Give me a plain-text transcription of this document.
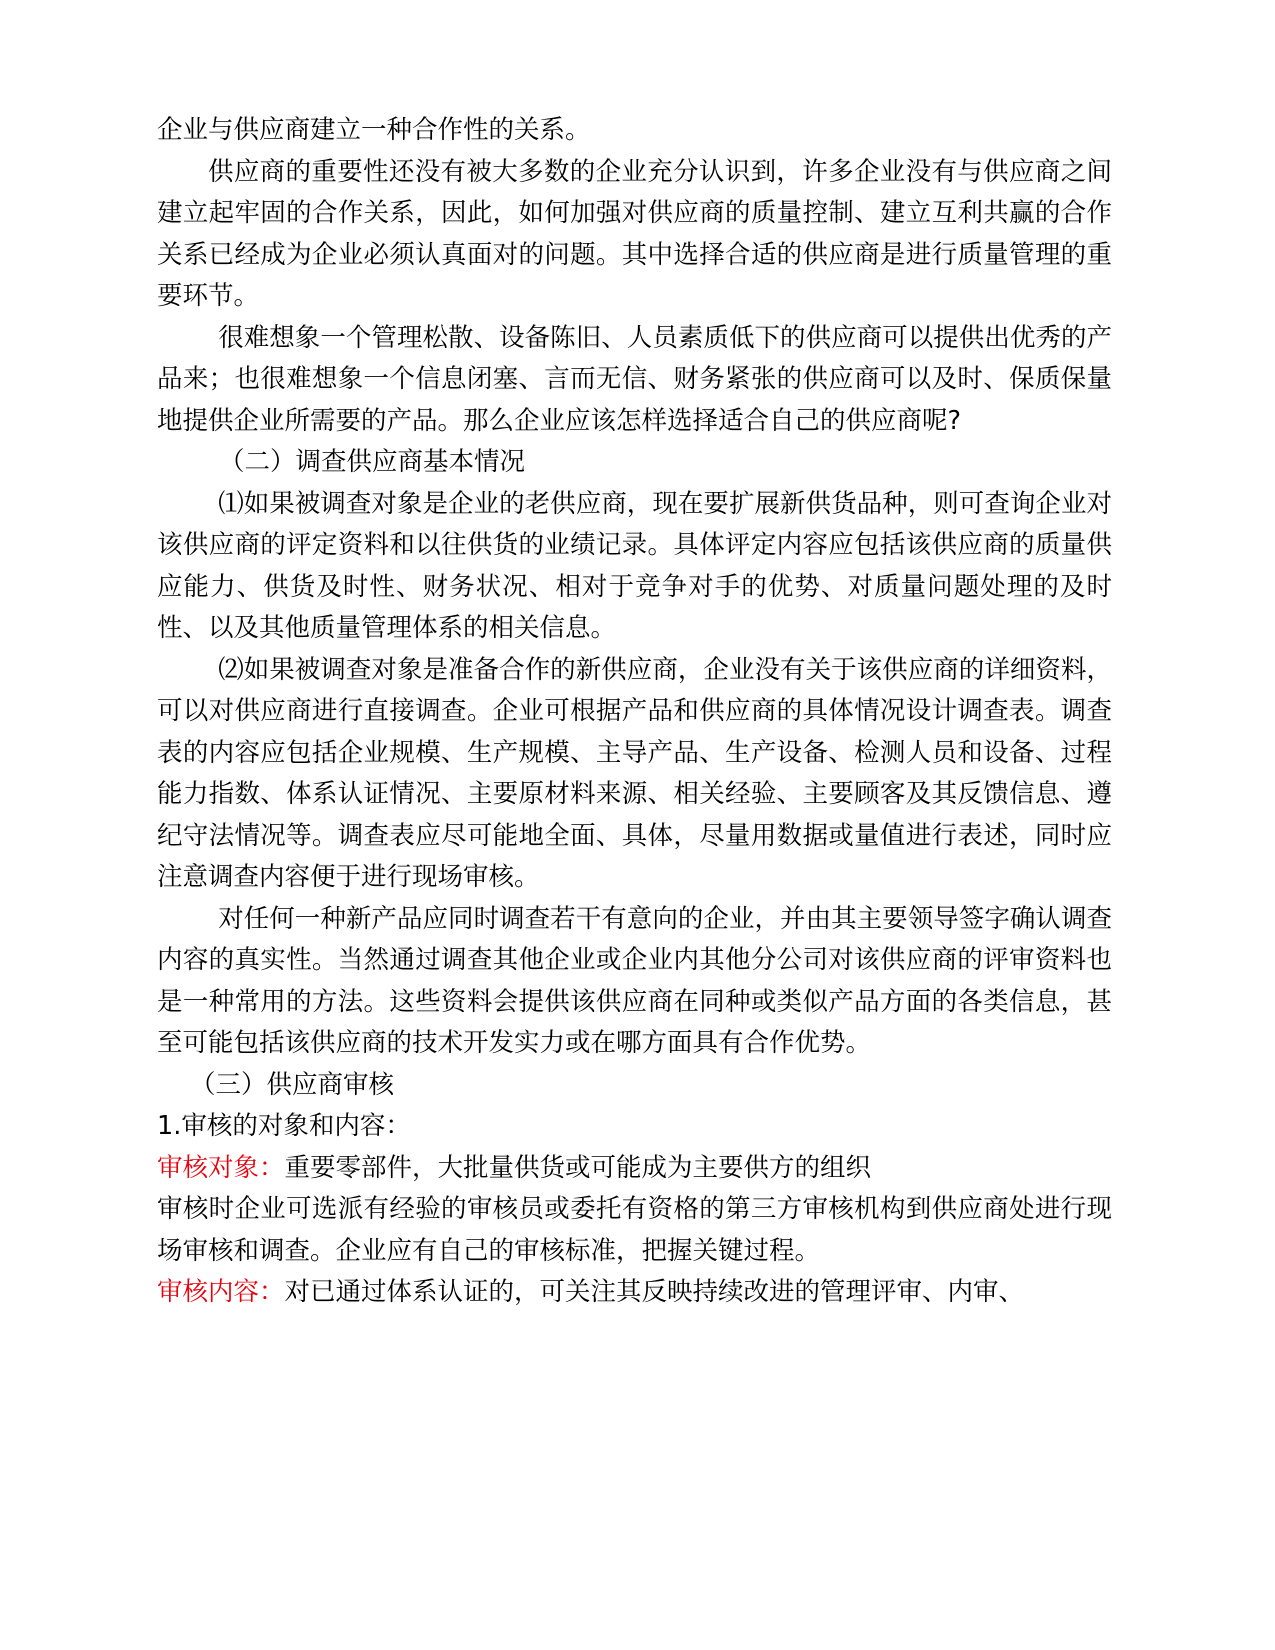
企业与供应商建立一种合作性的关系。

供应商的重要性还没有被大多数的企业充分认识到，许多企业没有与供应商之间建立起牢固的合作关系，因此，如何加强对供应商的质量控制、建立互利共赢的合作关系已经成为企业必须认真面对的问题。其中选择合适的供应商是进行质量管理的重要环节。

很难想象一个管理松散、设备陈旧、人员素质低下的供应商可以提供出优秀的产品来；也很难想象一个信息闭塞、言而无信、财务紧张的供应商可以及时、保质保量地提供企业所需要的产品。那么企业应该怎样选择适合自己的供应商呢?

（二）调查供应商基本情况

⑴如果被调查对象是企业的老供应商，现在要扩展新供货品种，则可查询企业对该供应商的评定资料和以往供货的业绩记录。具体评定内容应包括该供应商的质量供应能力、供货及时性、财务状况、相对于竞争对手的优势、对质量问题处理的及时性、以及其他质量管理体系的相关信息。

⑵如果被调查对象是准备合作的新供应商，企业没有关于该供应商的详细资料，可以对供应商进行直接调查。企业可根据产品和供应商的具体情况设计调查表。调查表的内容应包括企业规模、生产规模、主导产品、生产设备、检测人员和设备、过程能力指数、体系认证情况、主要原材料来源、相关经验、主要顾客及其反馈信息、遵纪守法情况等。调查表应尽可能地全面、具体，尽量用数据或量值进行表述，同时应注意调查内容便于进行现场审核。

对任何一种新产品应同时调查若干有意向的企业，并由其主要领导签字确认调查内容的真实性。当然通过调查其他企业或企业内其他分公司对该供应商的评审资料也是一种常用的方法。这些资料会提供该供应商在同种或类似产品方面的各类信息，甚至可能包括该供应商的技术开发实力或在哪方面具有合作优势。

（三）供应商审核

1.审核的对象和内容：

审核对象：重要零部件，大批量供货或可能成为主要供方的组织

审核时企业可选派有经验的审核员或委托有资格的第三方审核机构到供应商处进行现场审核和调查。企业应有自己的审核标准，把握关键过程。

审核内容：对已通过体系认证的，可关注其反映持续改进的管理评审、内审、
